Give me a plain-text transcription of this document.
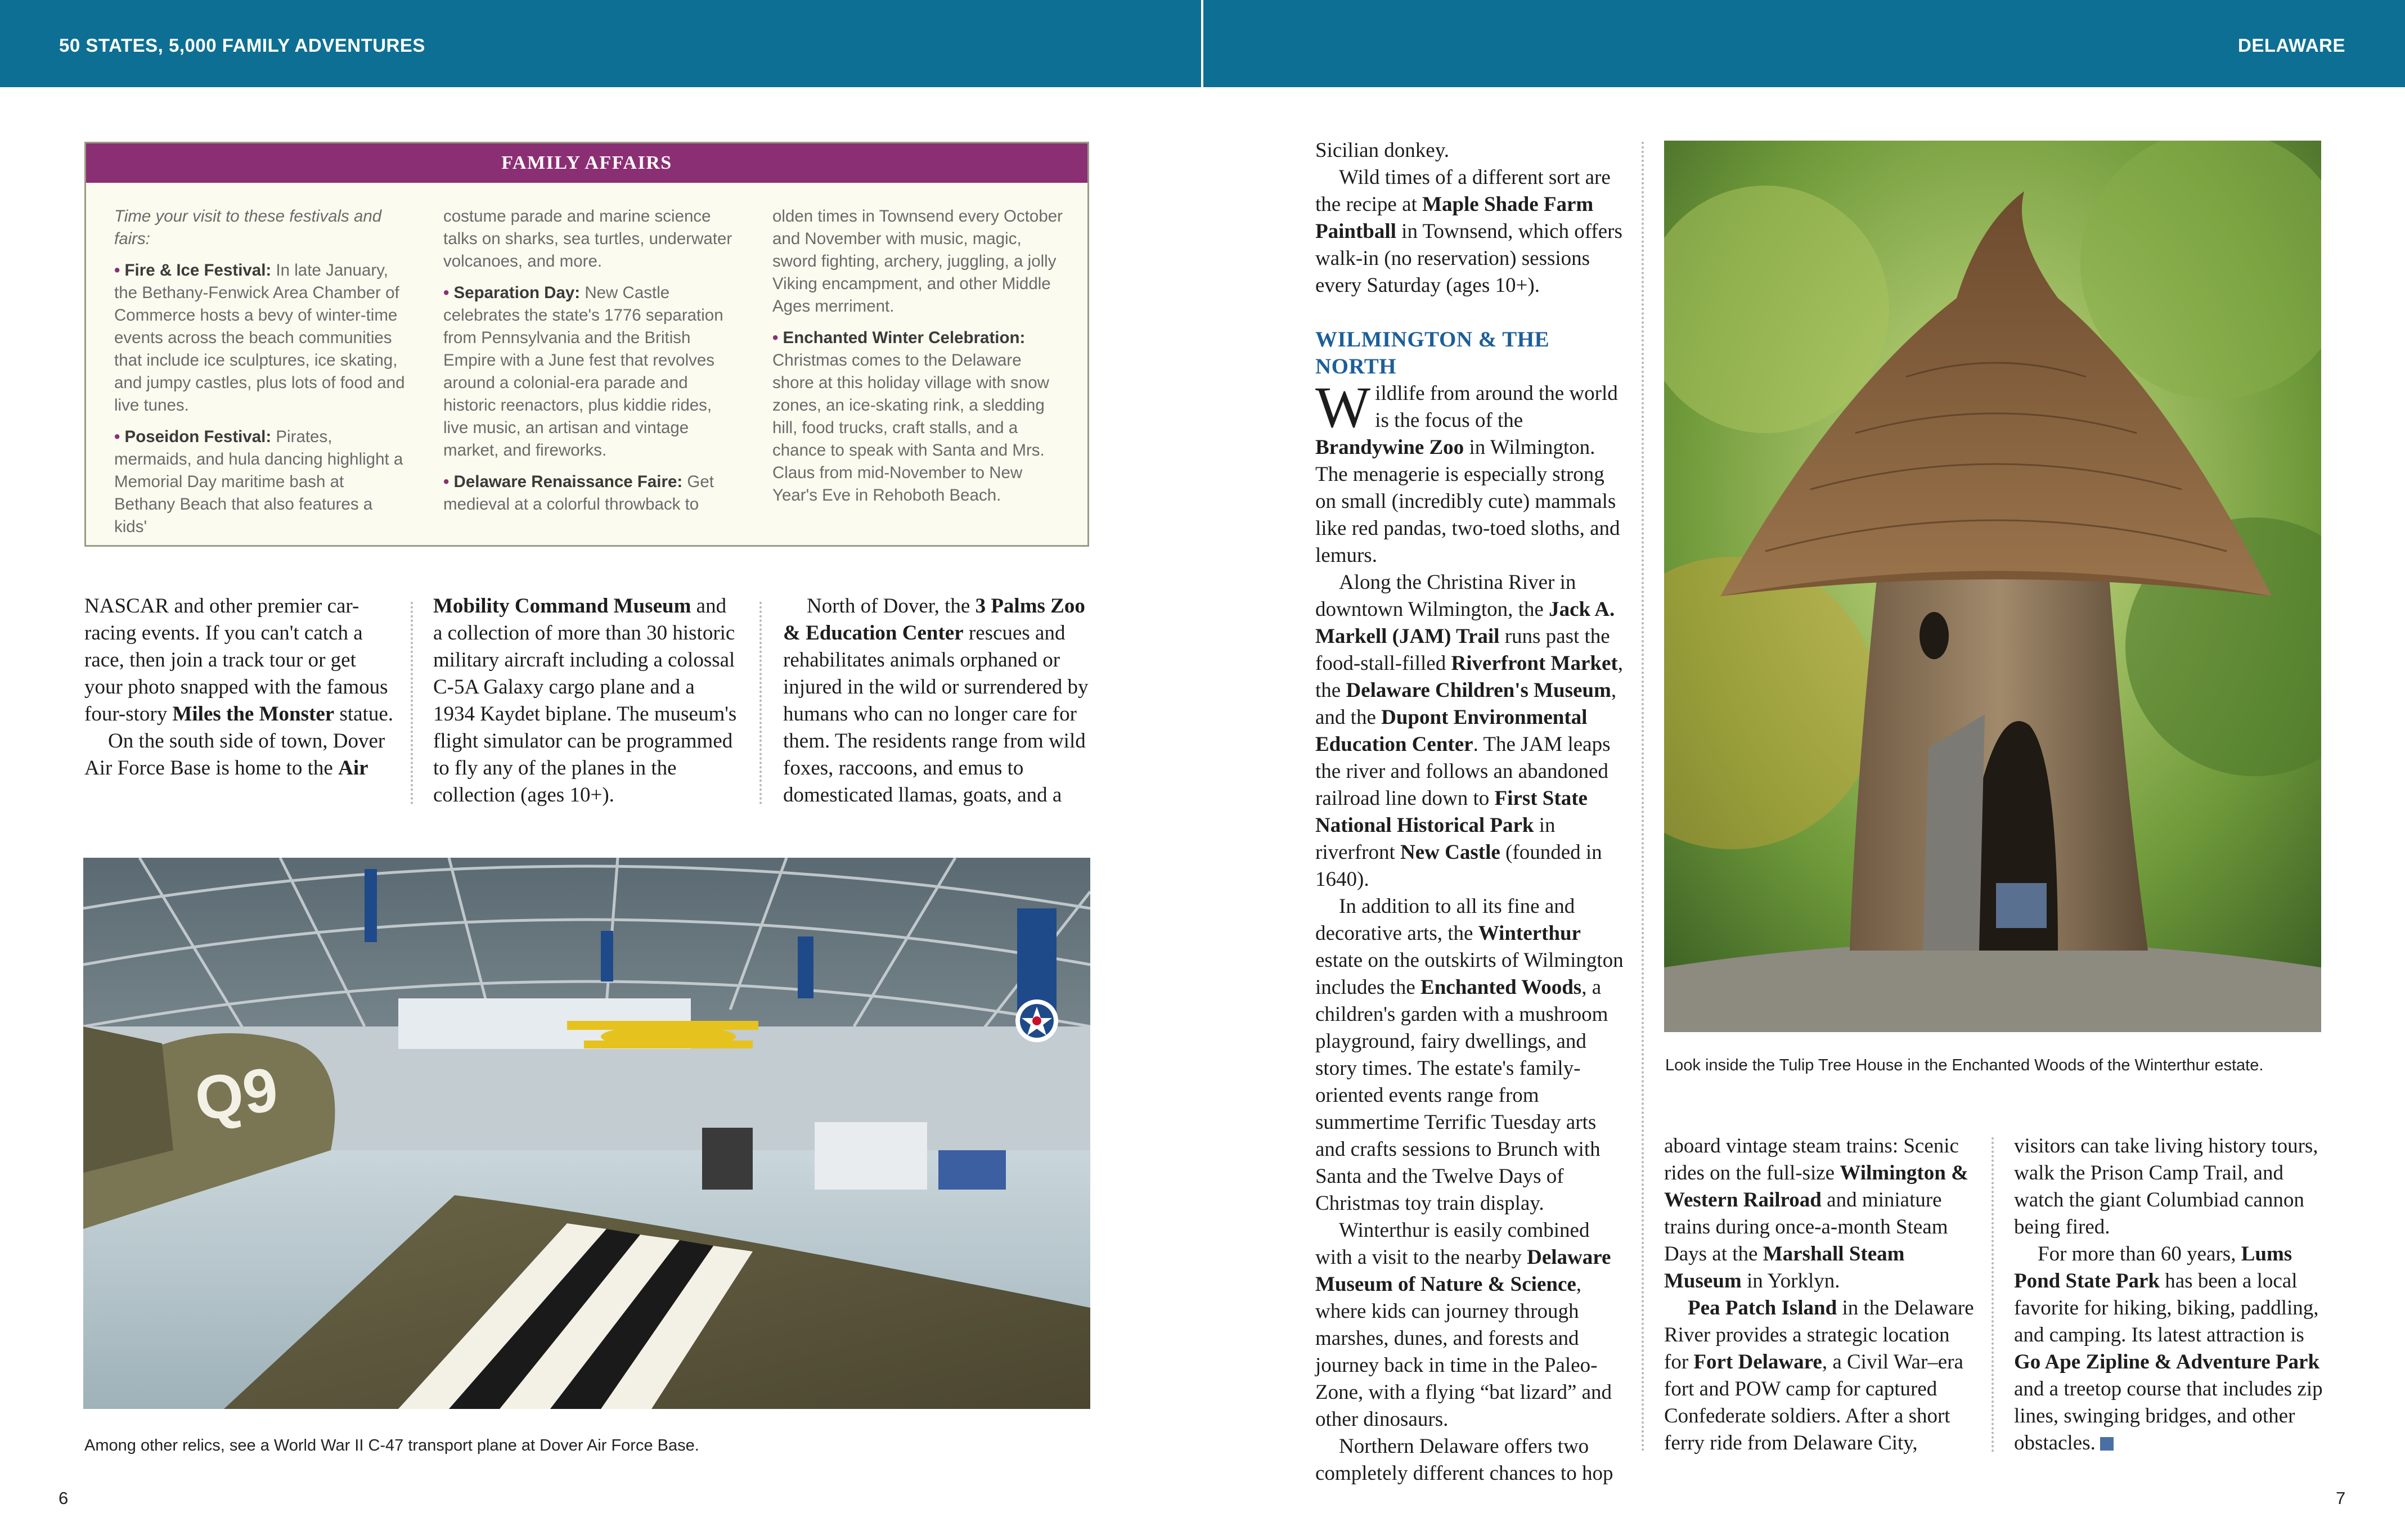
50 STATES, 5,000 FAMILY ADVENTURES	DELAWARE
FAMILY AFFAIRS

Time your visit to these festivals and fairs:

• Fire & Ice Festival: In late January, the Bethany-Fenwick Area Chamber of Commerce hosts a bevy of winter-time events across the beach communities that include ice sculptures, ice skating, and jumpy castles, plus lots of food and live tunes.

• Poseidon Festival: Pirates, mermaids, and hula dancing highlight a Memorial Day maritime bash at Bethany Beach that also features a kids'

costume parade and marine science talks on sharks, sea turtles, underwater volcanoes, and more.

• Separation Day: New Castle celebrates the state's 1776 separation from Pennsylvania and the British Empire with a June fest that revolves around a colonial-era parade and historic reenactors, plus kiddie rides, live music, an artisan and vintage market, and fireworks.

• Delaware Renaissance Faire: Get medieval at a colorful throwback to

olden times in Townsend every October and November with music, magic, sword fighting, archery, juggling, a jolly Viking encampment, and other Middle Ages merriment.

• Enchanted Winter Celebration: Christmas comes to the Delaware shore at this holiday village with snow zones, an ice-skating rink, a sledding hill, food trucks, craft stalls, and a chance to speak with Santa and Mrs. Claus from mid-November to New Year's Eve in Rehoboth Beach.

NASCAR and other premier car-racing events. If you can't catch a race, then join a track tour or get your photo snapped with the famous four-story Miles the Monster statue.

On the south side of town, Dover Air Force Base is home to the Air

Mobility Command Museum and a collection of more than 30 historic military aircraft including a colossal C-5A Galaxy cargo plane and a 1934 Kaydet biplane. The museum's flight simulator can be programmed to fly any of the planes in the collection (ages 10+).

North of Dover, the 3 Palms Zoo & Education Center rescues and rehabilitates animals orphaned or injured in the wild or surrendered by humans who can no longer care for them. The residents range from wild foxes, raccoons, and emus to domesticated llamas, goats, and a

Q9
Among other relics, see a World War II C-47 transport plane at Dover Air Force Base.
6

Sicilian donkey.

Wild times of a different sort are the recipe at Maple Shade Farm Paintball in Townsend, which offers walk-in (no reservation) sessions every Saturday (ages 10+).

WILMINGTON & THE NORTH

Wildlife from around the world is the focus of the Brandywine Zoo in Wilmington. The menagerie is especially strong on small (incredibly cute) mammals like red pandas, two-toed sloths, and lemurs.

Along the Christina River in downtown Wilmington, the Jack A. Markell (JAM) Trail runs past the food-stall-filled Riverfront Market, the Delaware Children's Museum, and the Dupont Environmental Education Center. The JAM leaps the river and follows an abandoned railroad line down to First State National Historical Park in riverfront New Castle (founded in 1640).

In addition to all its fine and decorative arts, the Winterthur estate on the outskirts of Wilmington includes the Enchanted Woods, a children's garden with a mushroom playground, fairy dwellings, and story times. The estate's family-oriented events range from summertime Terrific Tuesday arts and crafts sessions to Brunch with Santa and the Twelve Days of Christmas toy train display.

Winterthur is easily combined with a visit to the nearby Delaware Museum of Nature & Science, where kids can journey through marshes, dunes, and forests and journey back in time in the Paleo-Zone, with a flying “bat lizard” and other dinosaurs.

Northern Delaware offers two completely different chances to hop

Look inside the Tulip Tree House in the Enchanted Woods of the Winterthur estate.

aboard vintage steam trains: Scenic rides on the full-size Wilmington & Western Railroad and miniature trains during once-a-month Steam Days at the Marshall Steam Museum in Yorklyn.

Pea Patch Island in the Delaware River provides a strategic location for Fort Delaware, a Civil War–era fort and POW camp for captured Confederate soldiers. After a short ferry ride from Delaware City,

visitors can take living history tours, walk the Prison Camp Trail, and watch the giant Columbiad cannon being fired.

For more than 60 years, Lums Pond State Park has been a local favorite for hiking, biking, paddling, and camping. Its latest attraction is Go Ape Zipline & Adventure Park and a treetop course that includes zip lines, swinging bridges, and other obstacles.

7
